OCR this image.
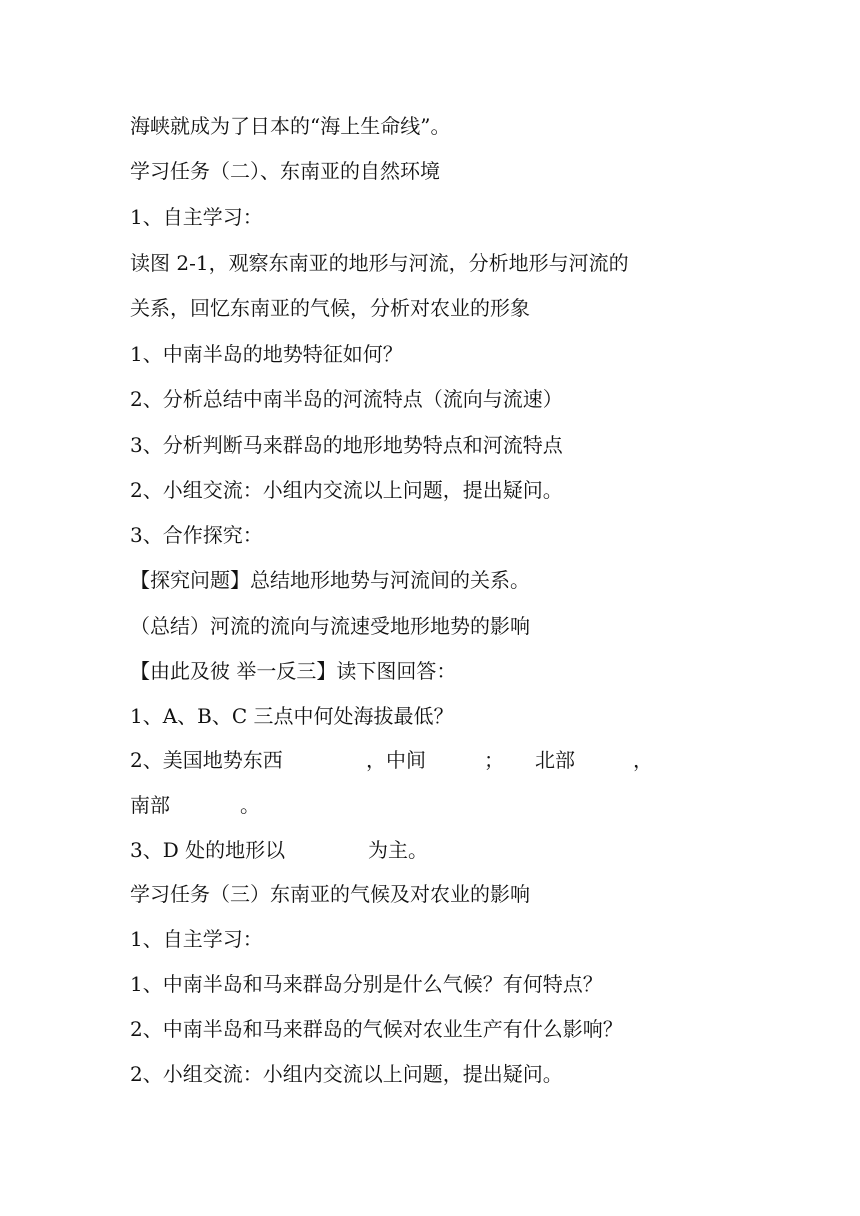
海峡就成为了日本的“海上生命线”。

学习任务（二）、东南亚的自然环境

1、自主学习：

读图 2-1，观察东南亚的地形与河流，分析地形与河流的

关系，回忆东南亚的气候，分析对农业的形象

1、中南半岛的地势特征如何？

2、分析总结中南半岛的河流特点（流向与流速）

3、分析判断马来群岛的地形地势特点和河流特点

2、小组交流：小组内交流以上问题，提出疑问。

3、合作探究：

【探究问题】总结地形地势与河流间的关系。

（总结）河流的流向与流速受地形地势的影响

【由此及彼 举一反三】读下图回答：

1、A、B、C 三点中何处海拔最低？

2、美国地势东西	，中间	； 北部	，

南部	。

3、D 处的地形以	为主。

学习任务（三）东南亚的气候及对农业的影响

1、自主学习：

1、中南半岛和马来群岛分别是什么气候？有何特点？

2、中南半岛和马来群岛的气候对农业生产有什么影响？

2、小组交流：小组内交流以上问题，提出疑问。
